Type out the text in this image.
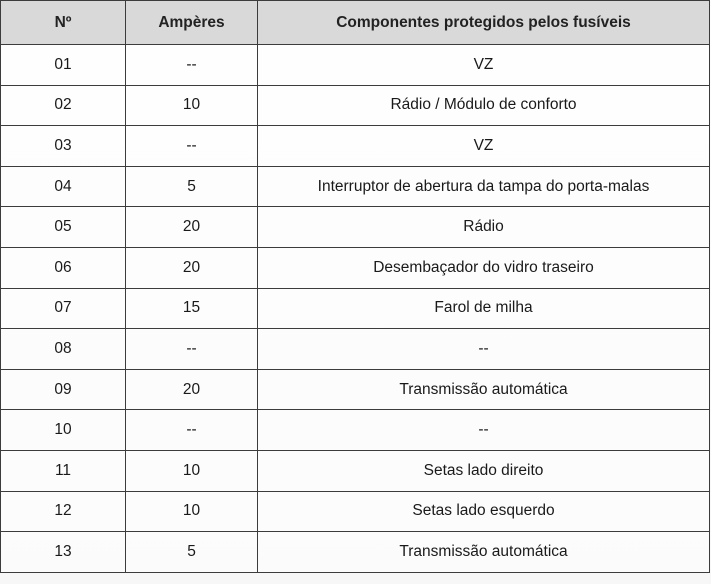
Nº	Ampères	Componentes protegidos pelos fusíveis
01	--	VZ
02	10	Rádio / Módulo de conforto
03	--	VZ
04	5	Interruptor de abertura da tampa do porta-malas
05	20	Rádio
06	20	Desembaçador do vidro traseiro
07	15	Farol de milha
08	--	--
09	20	Transmissão automática
10	--	--
11	10	Setas lado direito
12	10	Setas lado esquerdo
13	5	Transmissão automática
